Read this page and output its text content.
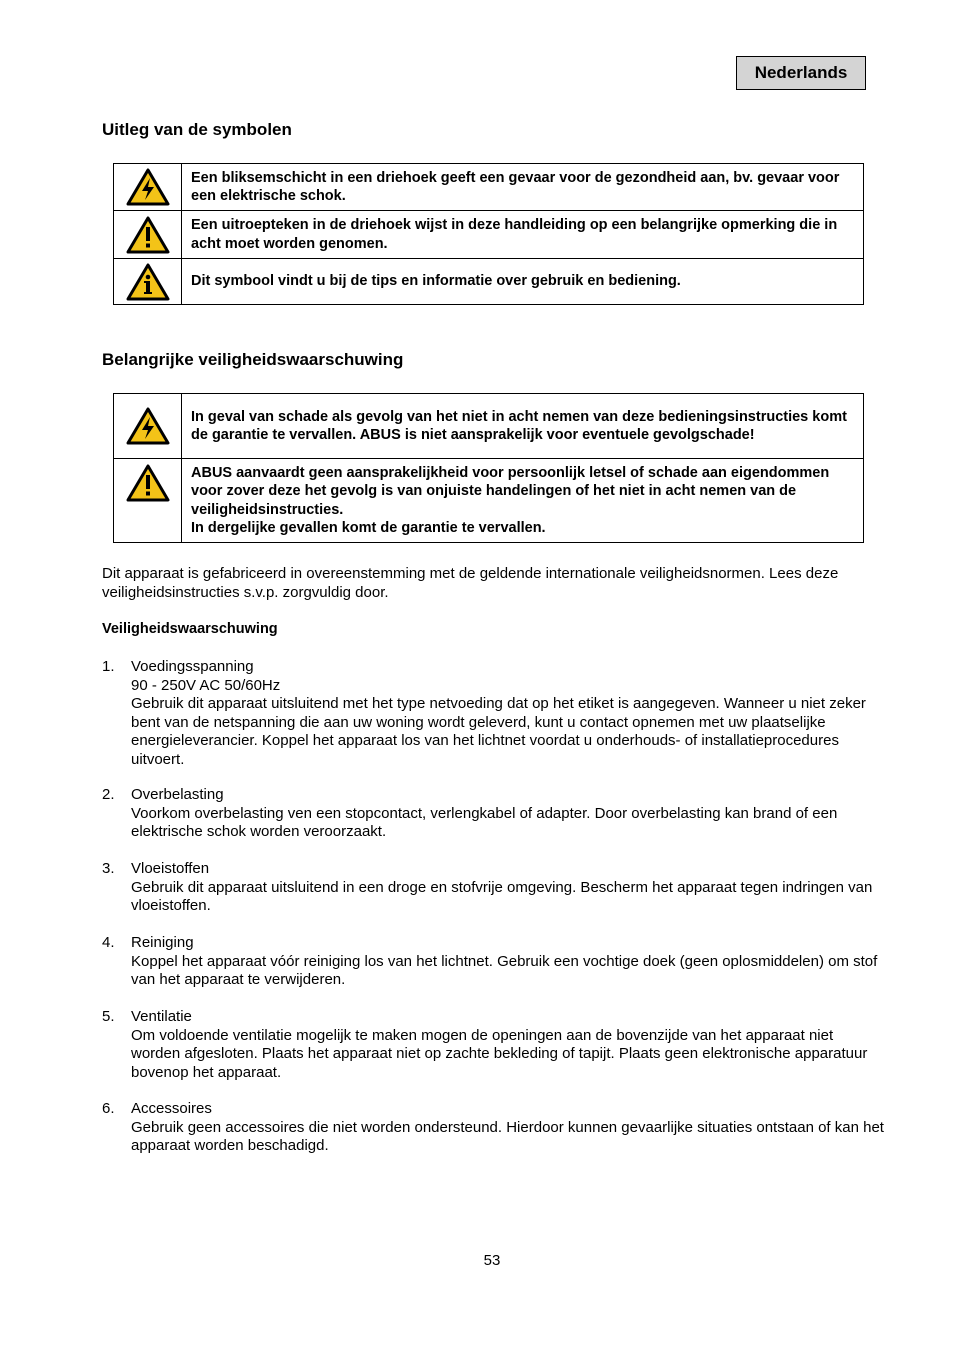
Nederlands
Uitleg van de symbolen
	Een bliksemschicht in een driehoek geeft een gevaar voor de gezondheid aan, bv. gevaar voor een elektrische schok.

	Een uitroepteken in de driehoek wijst in deze handleiding op een belangrijke opmerking die in acht moet worden genomen.

	Dit symbool vindt u bij de tips en informatie over gebruik en bediening.
Belangrijke veiligheidswaarschuwing
	In geval van schade als gevolg van het niet in acht nemen van deze bedieningsinstructies komt de garantie te vervallen. ABUS is niet aansprakelijk voor eventuele gevolgschade!

ABUS aanvaardt geen aansprakelijkheid voor persoonlijk letsel of schade aan eigendommen voor zover deze het gevolg is van onjuiste handelingen of het niet in acht nemen van de veiligheidsinstructies.
In dergelijke gevallen komt de garantie te vervallen.

Dit apparaat is gefabriceerd in overeenstemming met de geldende internationale veiligheidsnormen. Lees deze veiligheidsinstructies s.v.p. zorgvuldig door.

Veiligheidswaarschuwing

1. Voedingsspanning
90 - 250V AC 50/60Hz
Gebruik dit apparaat uitsluitend met het type netvoeding dat op het etiket is aangegeven. Wanneer u niet zeker bent van de netspanning die aan uw woning wordt geleverd, kunt u contact opnemen met uw plaatselijke energieleverancier. Koppel het apparaat los van het lichtnet voordat u onderhouds- of installatieprocedures uitvoert.
2. Overbelasting
Voorkom overbelasting ven een stopcontact, verlengkabel of adapter. Door overbelasting kan brand of een elektrische schok worden veroorzaakt.
3. Vloeistoffen
Gebruik dit apparaat uitsluitend in een droge en stofvrije omgeving. Bescherm het apparaat tegen indringen van vloeistoffen.
4. Reiniging
Koppel het apparaat vóór reiniging los van het lichtnet. Gebruik een vochtige doek (geen oplosmiddelen) om stof van het apparaat te verwijderen.
5. Ventilatie
Om voldoende ventilatie mogelijk te maken mogen de openingen aan de bovenzijde van het apparaat niet worden afgesloten. Plaats het apparaat niet op zachte bekleding of tapijt. Plaats geen elektronische apparatuur bovenop het apparaat.
6. Accessoires
Gebruik geen accessoires die niet worden ondersteund. Hierdoor kunnen gevaarlijke situaties ontstaan of kan het apparaat worden beschadigd.
53
